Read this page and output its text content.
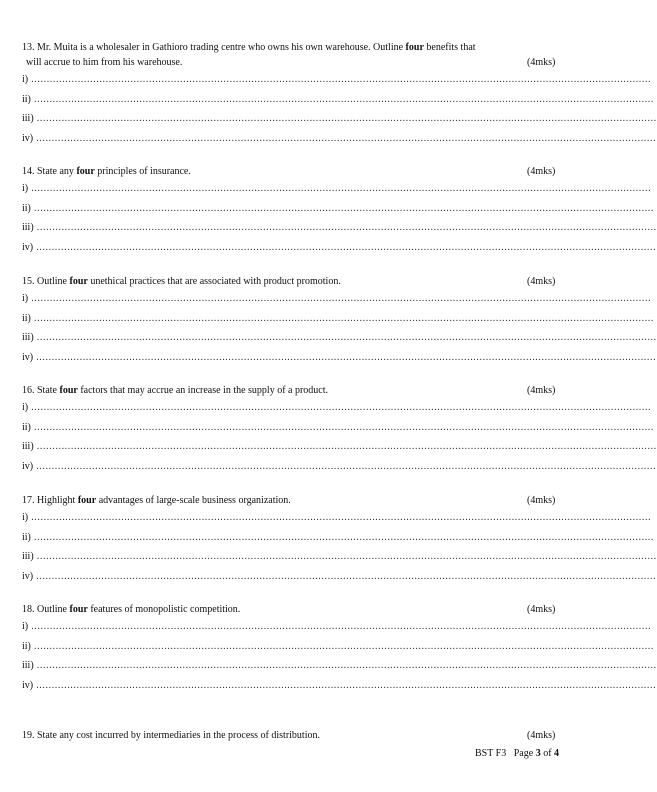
13. Mr. Muita is a wholesaler in Gathioro trading centre who owns his own warehouse. Outline four benefits that
will accrue to him from his warehouse.	(4mks)
i) ........................................................................................................................................................................................................
ii) ........................................................................................................................................................................................................
iii) ........................................................................................................................................................................................................
iv) ........................................................................................................................................................................................................
14. State any four principles of insurance.	(4mks)
i) ........................................................................................................................................................................................................
ii) ........................................................................................................................................................................................................
iii) ........................................................................................................................................................................................................
iv) ........................................................................................................................................................................................................
15. Outline four unethical practices that are associated with product promotion.	(4mks)
i) ........................................................................................................................................................................................................
ii) ........................................................................................................................................................................................................
iii) ........................................................................................................................................................................................................
iv) ........................................................................................................................................................................................................
16. State four factors that may accrue an increase in the supply of a product.	(4mks)
i) ........................................................................................................................................................................................................
ii) ........................................................................................................................................................................................................
iii) ........................................................................................................................................................................................................
iv) ........................................................................................................................................................................................................
17. Highlight four advantages of large-scale business organization.	(4mks)
i) ........................................................................................................................................................................................................
ii) ........................................................................................................................................................................................................
iii) ........................................................................................................................................................................................................
iv) ........................................................................................................................................................................................................
18. Outline four features of monopolistic competition.	(4mks)
i) ........................................................................................................................................................................................................
ii) ........................................................................................................................................................................................................
iii) ........................................................................................................................................................................................................
iv) ........................................................................................................................................................................................................
19. State any cost incurred by intermediaries in the process of distribution.	(4mks)
BST F3 Page 3 of 4
